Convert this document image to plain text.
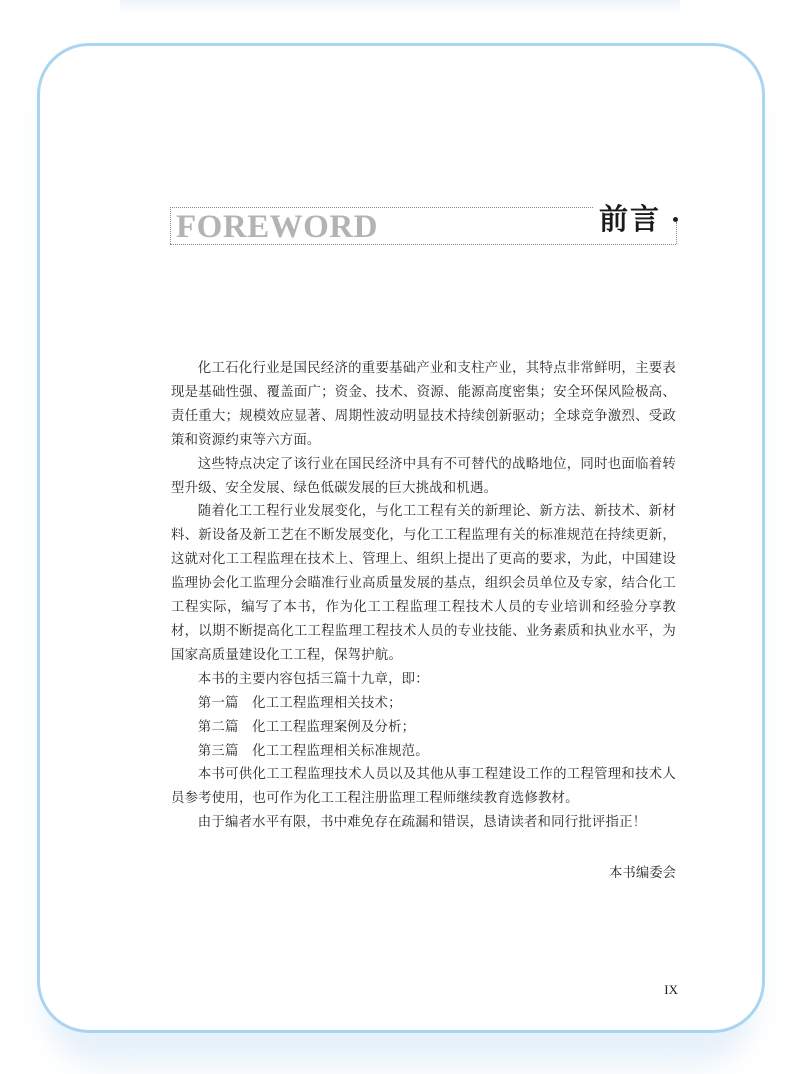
FOREWORD	前言

化工石化行业是国民经济的重要基础产业和支柱产业，其特点非常鲜明，主要表现是基础性强、覆盖面广；资金、技术、资源、能源高度密集；安全环保风险极高、责任重大；规模效应显著、周期性波动明显技术持续创新驱动；全球竞争激烈、受政策和资源约束等六方面。

这些特点决定了该行业在国民经济中具有不可替代的战略地位，同时也面临着转型升级、安全发展、绿色低碳发展的巨大挑战和机遇。

随着化工工程行业发展变化，与化工工程有关的新理论、新方法、新技术、新材料、新设备及新工艺在不断发展变化，与化工工程监理有关的标准规范在持续更新，这就对化工工程监理在技术上、管理上、组织上提出了更高的要求，为此，中国建设监理协会化工监理分会瞄准行业高质量发展的基点，组织会员单位及专家，结合化工工程实际，编写了本书，作为化工工程监理工程技术人员的专业培训和经验分享教材，以期不断提高化工工程监理工程技术人员的专业技能、业务素质和执业水平，为国家高质量建设化工工程，保驾护航。

本书的主要内容包括三篇十九章，即：

第一篇　化工工程监理相关技术；

第二篇　化工工程监理案例及分析；

第三篇　化工工程监理相关标准规范。

本书可供化工工程监理技术人员以及其他从事工程建设工作的工程管理和技术人员参考使用，也可作为化工工程注册监理工程师继续教育选修教材。

由于编者水平有限，书中难免存在疏漏和错误，恳请读者和同行批评指正！

本书编委会
IX
